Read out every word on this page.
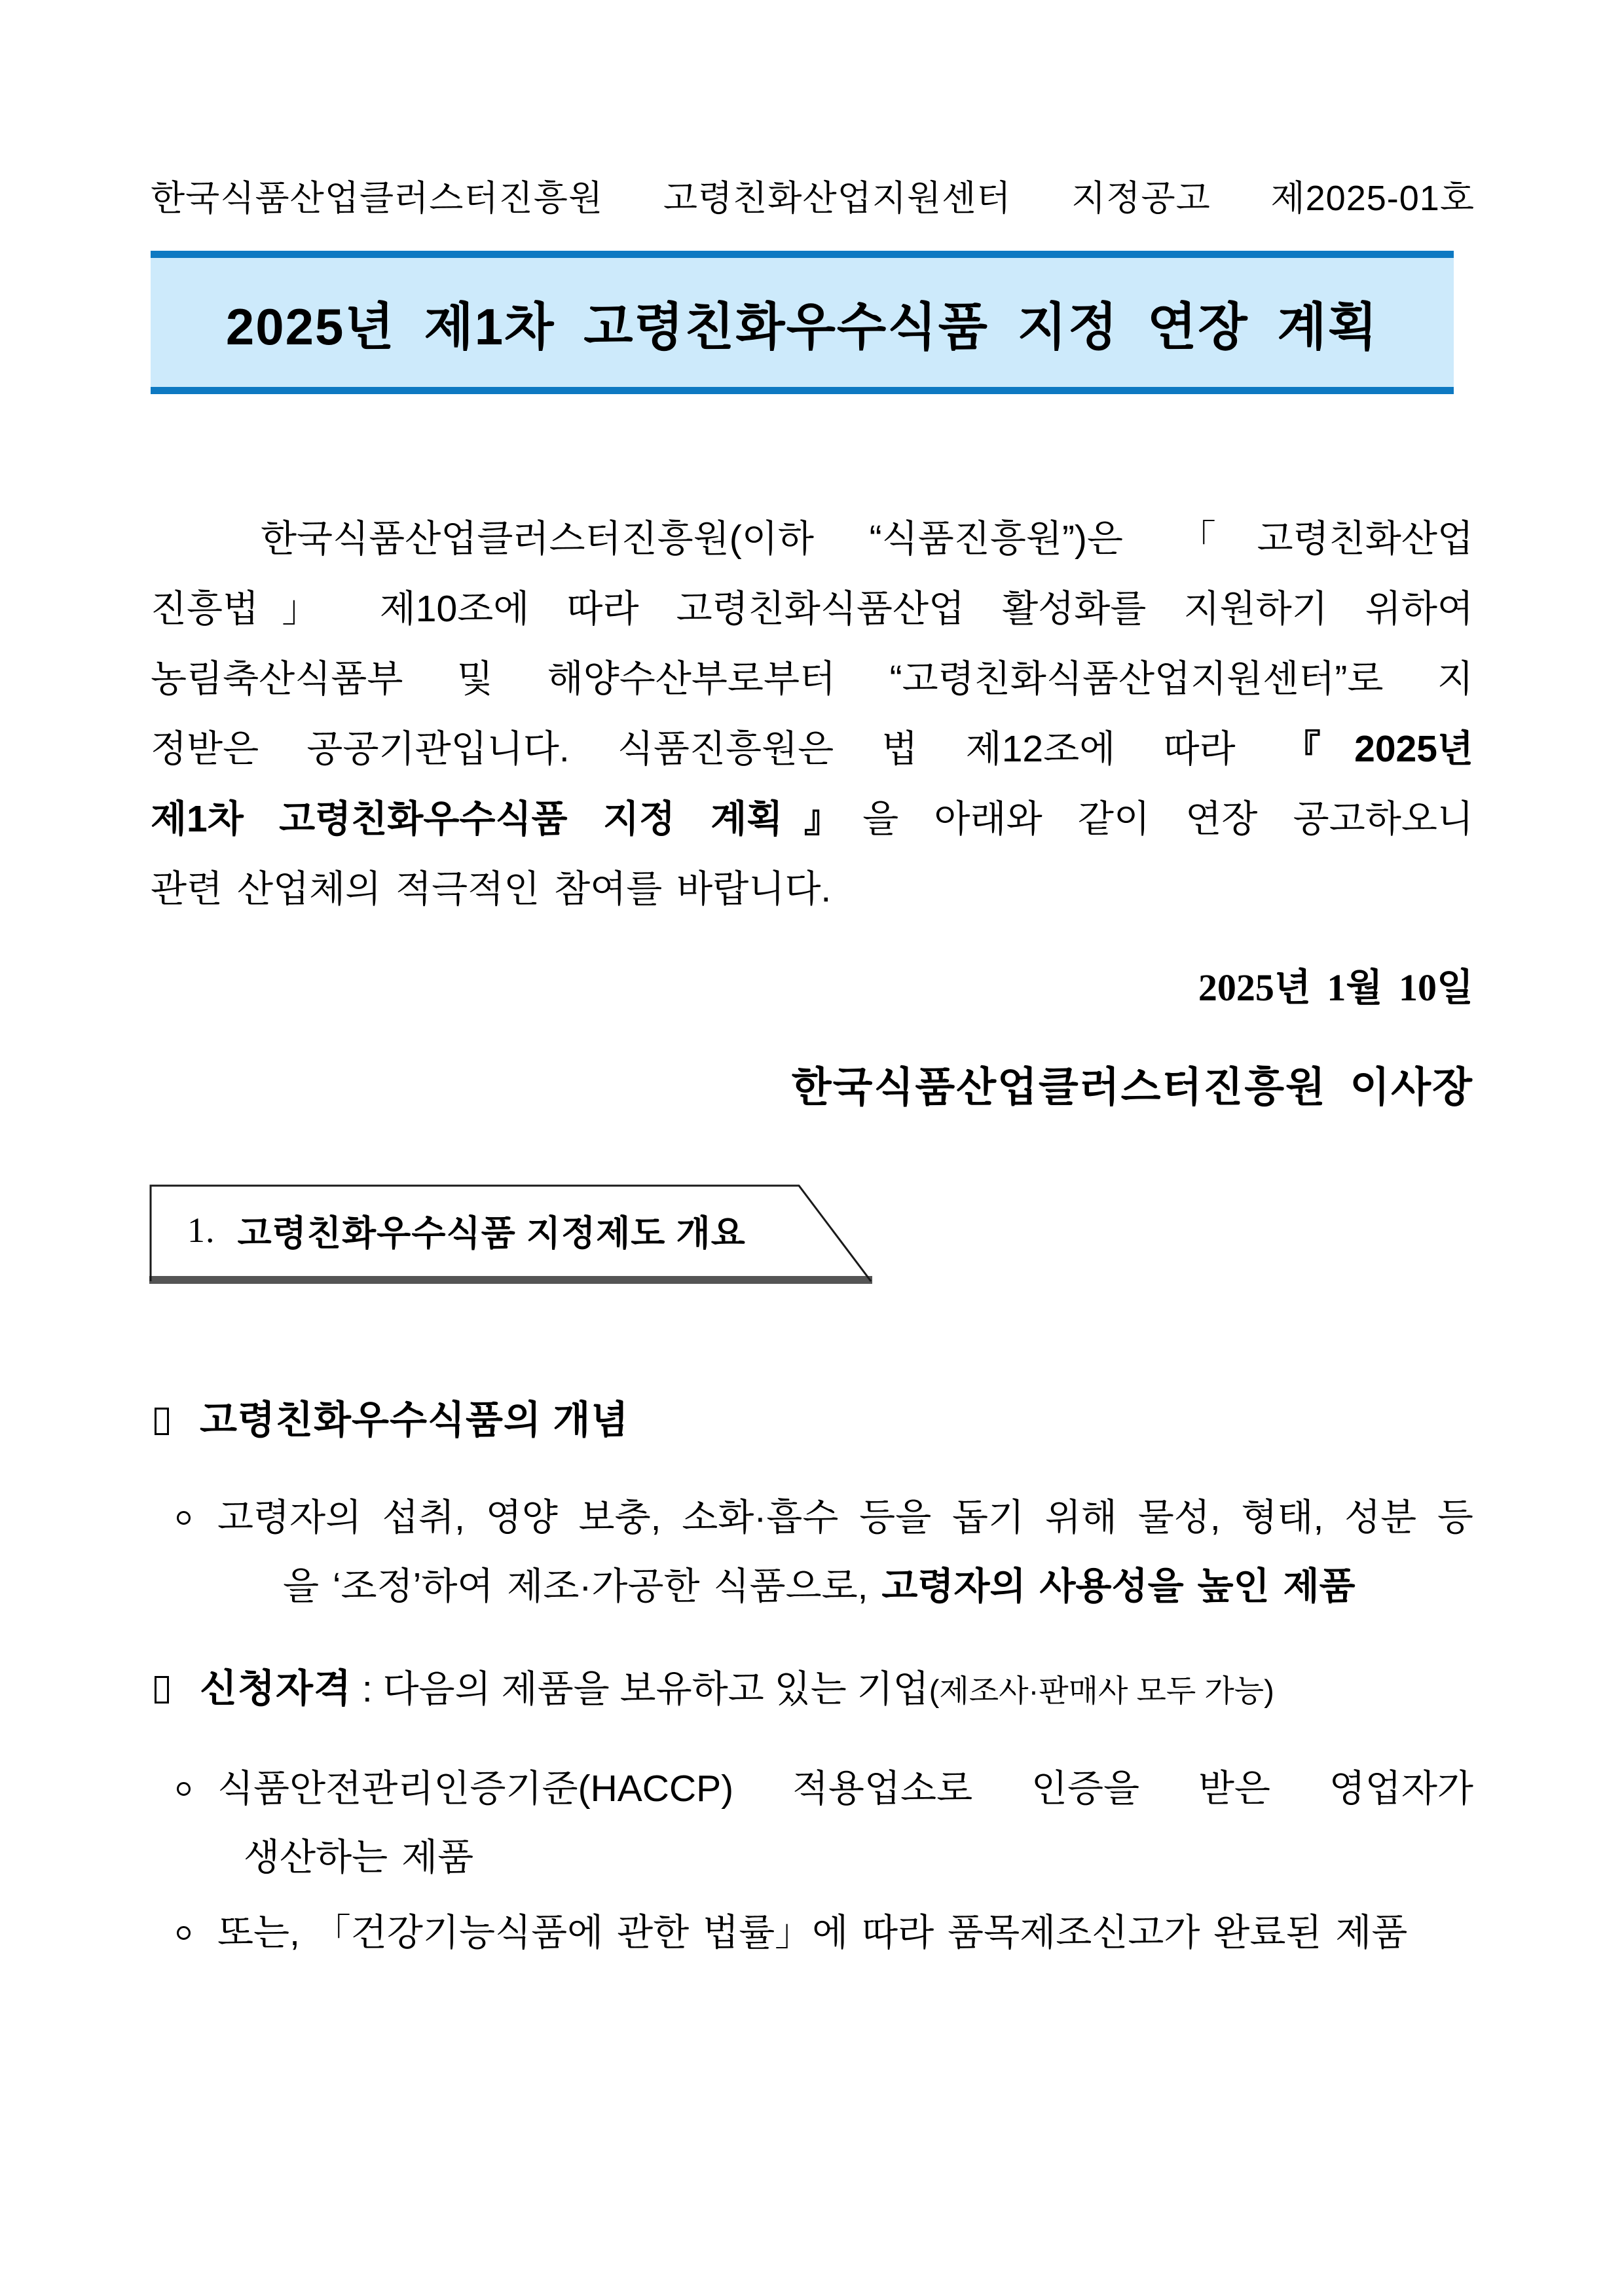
한국식품산업클러스터진흥원 고령친화산업지원센터 지정공고 제2025-01호
2025년 제1차 고령친화우수식품 지정 연장 계획
한국식품산업클러스터진흥원(이하 “식품진흥원”)은 「고령친화산업
진흥법」 제10조에 따라 고령친화식품산업 활성화를 지원하기 위하여
농림축산식품부 및 해양수산부로부터 “고령친화식품산업지원센터”로 지
정받은 공공기관입니다. 식품진흥원은 법 제12조에 따라 『2025년
제1차 고령친화우수식품 지정 계획』을 아래와 같이 연장 공고하오니
관련 산업체의 적극적인 참여를 바랍니다.
2025년 1월 10일
한국식품산업클러스터진흥원 이사장
1. 고령친화우수식품 지정제도 개요
고령친화우수식품의 개념
고령자의 섭취, 영양 보충, 소화·흡수 등을 돕기 위해 물성, 형태, 성분 등
을 ‘조정’하여 제조·가공한 식품으로, 고령자의 사용성을 높인 제품
신청자격 : 다음의 제품을 보유하고 있는 기업(제조사·판매사 모두 가능)
식품안전관리인증기준(HACCP) 적용업소로 인증을 받은 영업자가
생산하는 제품
또는, 「건강기능식품에 관한 법률」에 따라 품목제조신고가 완료된 제품
